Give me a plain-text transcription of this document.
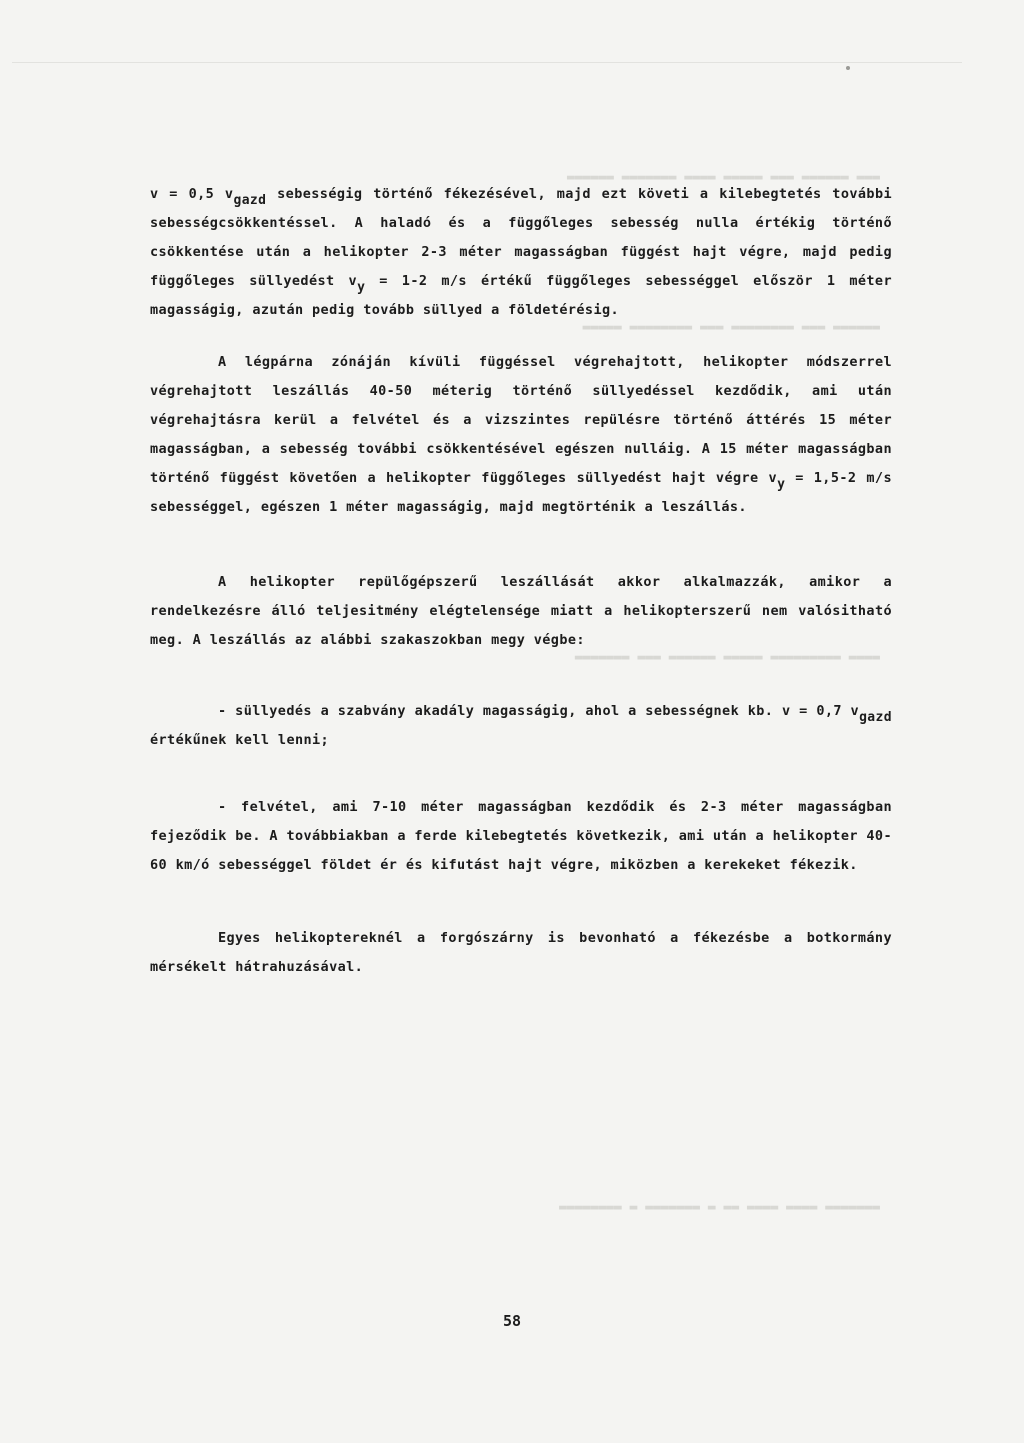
▬▬▬ ▬▬▬▬▬▬ ▬▬▬ ▬▬▬▬▬ ▬▬▬▬ ▬▬▬▬▬▬▬ ▬▬▬▬▬▬
▬▬▬▬▬▬ ▬▬▬ ▬▬▬▬▬▬▬▬ ▬▬▬ ▬▬▬▬▬▬▬▬ ▬▬▬▬▬
▬▬▬▬ ▬▬▬▬▬▬▬▬▬ ▬▬▬▬▬ ▬▬▬▬▬▬ ▬▬▬ ▬▬▬▬▬▬▬
▬▬▬▬▬▬▬ ▬▬▬▬ ▬▬▬▬ ▬▬ ▬ ▬▬▬▬▬▬▬ ▬ ▬▬▬▬▬▬▬▬

v = 0,5 $v_{gazd}$ sebességig történő fékezésével, majd ezt követi a kilebegtetés további sebességcsökkentéssel. A haladó és a függőleges sebesség nulla értékig történő csökkentése után a helikopter 2-3 méter magasságban függést hajt végre, majd pedig függőleges süllyedést $v_y = 1-2$ m/s értékű függőleges sebességgel először 1 méter magasságig, azután pedig tovább süllyed a földetérésig.

A légpárna zónáján kívüli függéssel végrehajtott, helikopter módszerrel végrehajtott leszállás 40-50 méterig történő süllyedéssel kezdődik, ami után végrehajtásra kerül a felvétel és a vizszintes repülésre történő áttérés 15 méter magasságban, a sebesség további csökkentésével egészen nulláig. A 15 méter magasságban történő függést követően a helikopter függőleges süllyedést hajt végre $v_y = 1,5-2$ m/s sebességgel, egészen 1 méter magasságig, majd megtörténik a leszállás.

A helikopter repülőgépszerű leszállását akkor alkalmazzák, amikor a rendelkezésre álló teljesitmény elégtelensége miatt a helikopterszerű nem valósitható meg. A leszállás az alábbi szakaszokban megy végbe:

- süllyedés a szabvány akadály magasságig, ahol a sebességnek kb. v = 0,7 $v_{gazd}$ értékűnek kell lenni;

- felvétel, ami 7-10 méter magasságban kezdődik és 2-3 méter magasságban fejeződik be. A továbbiakban a ferde kilebegtetés következik, ami után a helikopter 40-60 km/ó sebességgel földet ér és kifutást hajt végre, miközben a kerekeket fékezik.

Egyes helikoptereknél a forgószárny is bevonható a fékezésbe a botkormány mérsékelt hátrahuzásával.

58
